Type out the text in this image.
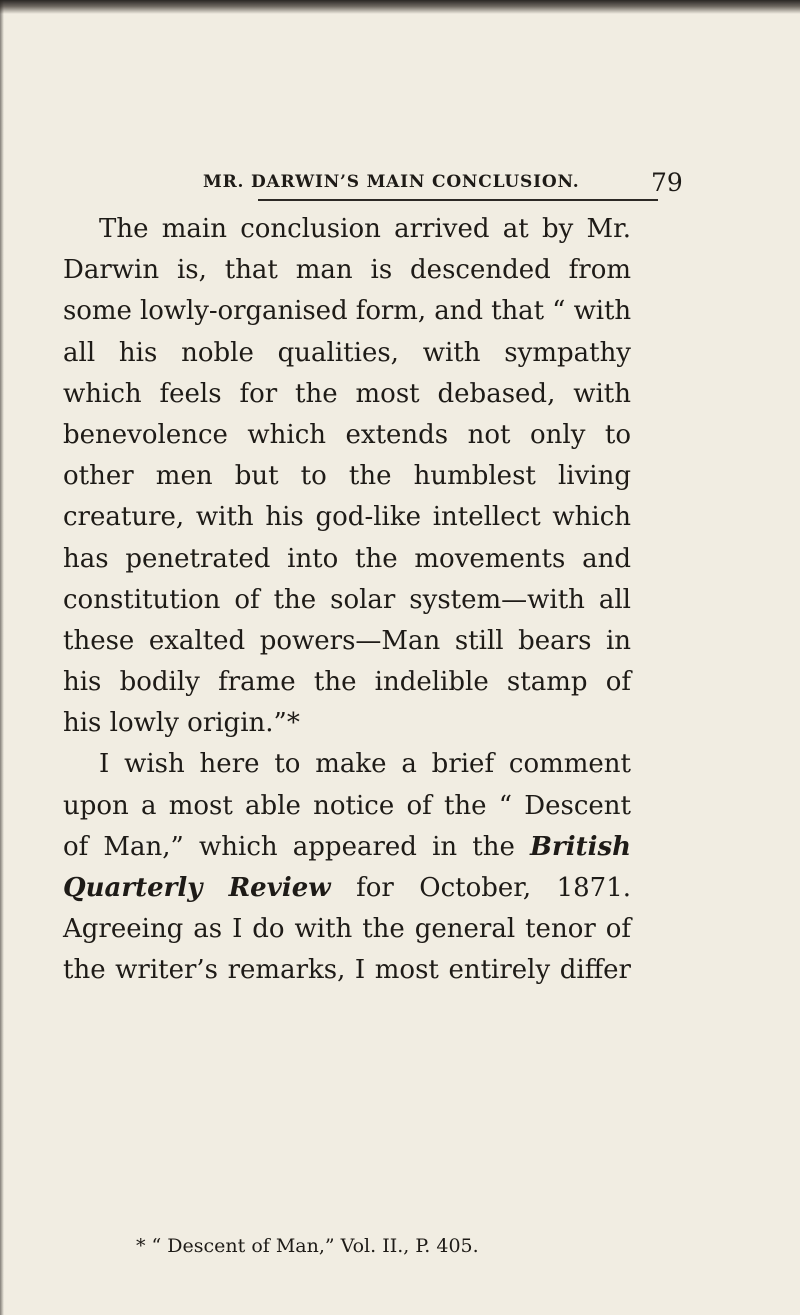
MR. DARWIN’S MAIN CONCLUSION.	79
The main conclusion arrived at by Mr.
Darwin is, that man is descended from
some lowly-organised form, and that “ with
all his noble qualities, with sympathy
which feels for the most debased, with
benevolence which extends not only to
other men but to the humblest living
creature, with his god-like intellect which
has penetrated into the movements and
constitution of the solar system—with all
these exalted powers—Man still bears in
his bodily frame the indelible stamp of
his lowly origin.”*
I wish here to make a brief comment
upon a most able notice of the “ Descent
of Man,” which appeared in the British
Quarterly Review for October, 1871.
Agreeing as I do with the general tenor of
the writer’s remarks, I most entirely differ
* “ Descent of Man,” Vol. II., P. 405.
